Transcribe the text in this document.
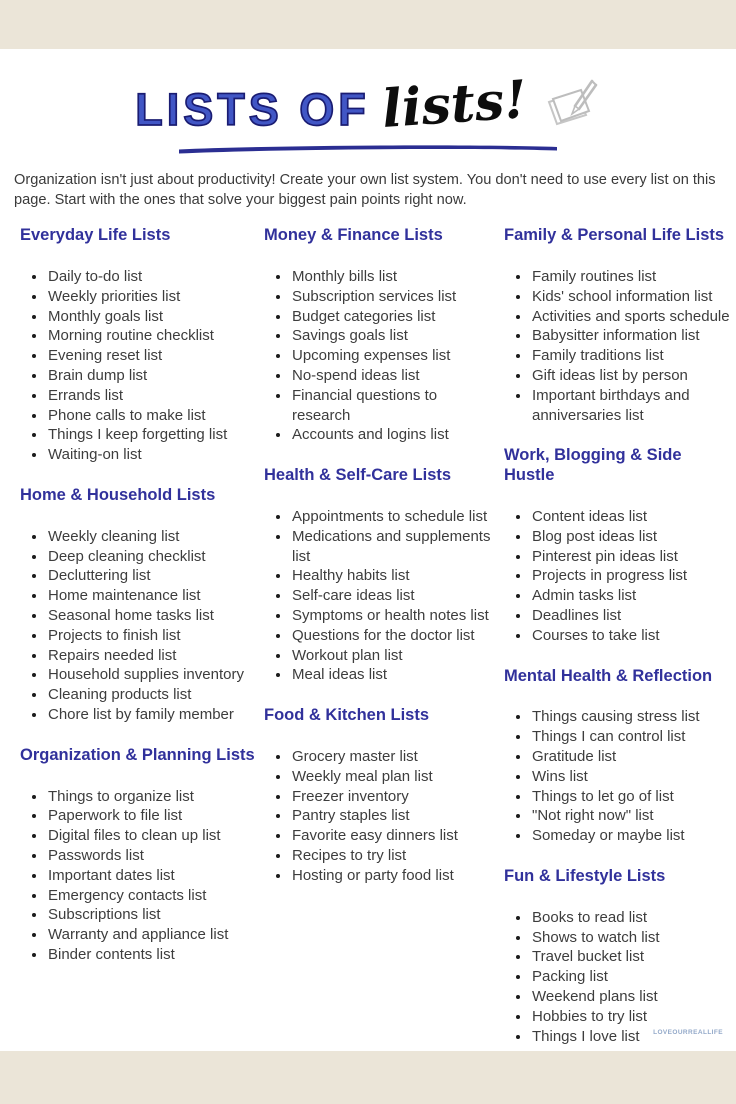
LISTS OF lists!

Organization isn't just about productivity! Create your own list system. You don't need to use every list on this page. Start with the ones that solve your biggest pain points right now.

Everyday Life Lists
• Daily to-do list
• Weekly priorities list
• Monthly goals list
• Morning routine checklist
• Evening reset list
• Brain dump list
• Errands list
• Phone calls to make list
• Things I keep forgetting list
• Waiting-on list
Home & Household Lists
• Weekly cleaning list
• Deep cleaning checklist
• Decluttering list
• Home maintenance list
• Seasonal home tasks list
• Projects to finish list
• Repairs needed list
• Household supplies inventory
• Cleaning products list
• Chore list by family member
Organization & Planning Lists
• Things to organize list
• Paperwork to file list
• Digital files to clean up list
• Passwords list
• Important dates list
• Emergency contacts list
• Subscriptions list
• Warranty and appliance list
• Binder contents list
Money & Finance Lists
• Monthly bills list
• Subscription services list
• Budget categories list
• Savings goals list
• Upcoming expenses list
• No-spend ideas list
• Financial questions to research
• Accounts and logins list
Health & Self-Care Lists
• Appointments to schedule list
• Medications and supplements list
• Healthy habits list
• Self-care ideas list
• Symptoms or health notes list
• Questions for the doctor list
• Workout plan list
• Meal ideas list
Food & Kitchen Lists
• Grocery master list
• Weekly meal plan list
• Freezer inventory
• Pantry staples list
• Favorite easy dinners list
• Recipes to try list
• Hosting or party food list
Family & Personal Life Lists
• Family routines list
• Kids' school information list
• Activities and sports schedule
• Babysitter information list
• Family traditions list
• Gift ideas list by person
• Important birthdays and anniversaries list
Work, Blogging & Side Hustle
• Content ideas list
• Blog post ideas list
• Pinterest pin ideas list
• Projects in progress list
• Admin tasks list
• Deadlines list
• Courses to take list
Mental Health & Reflection
• Things causing stress list
• Things I can control list
• Gratitude list
• Wins list
• Things to let go of list
• "Not right now" list
• Someday or maybe list
Fun & Lifestyle Lists
• Books to read list
• Shows to watch list
• Travel bucket list
• Packing list
• Weekend plans list
• Hobbies to try list
• Things I love list	LOVEOURREALLIFE
